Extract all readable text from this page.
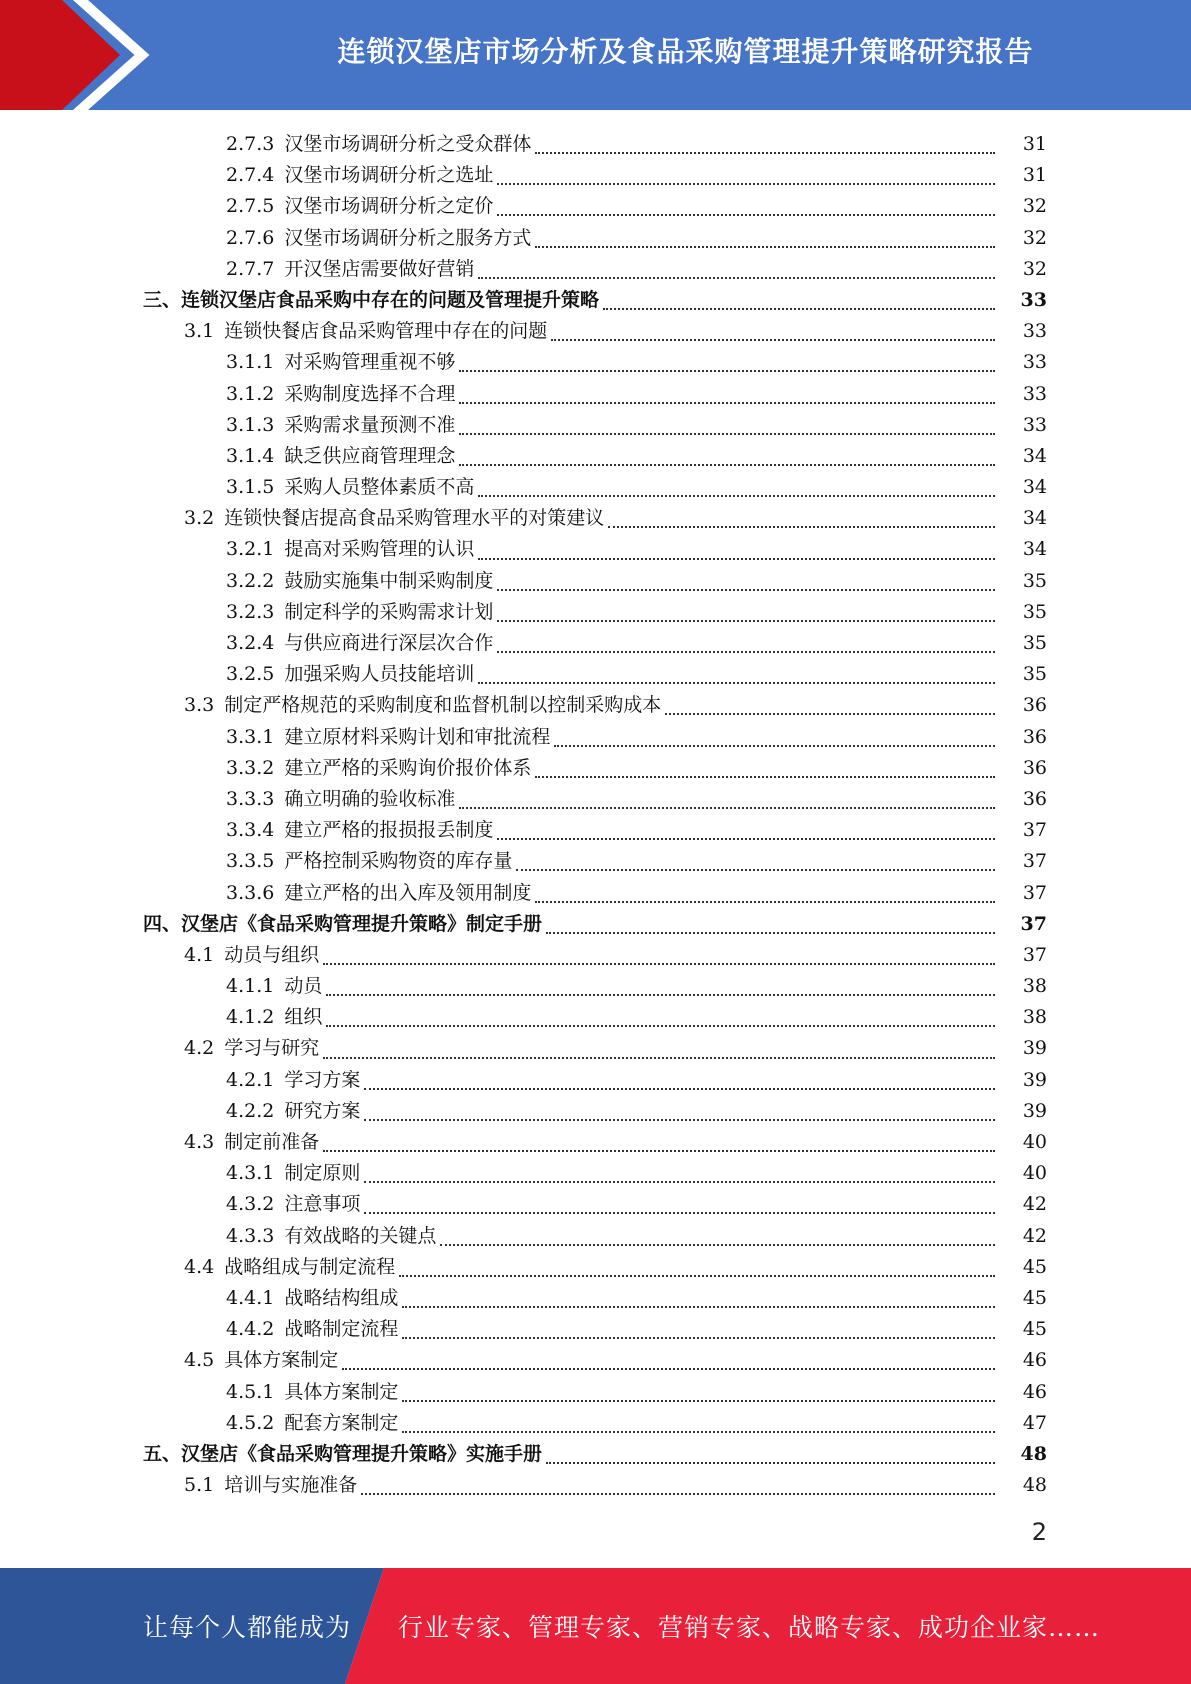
连锁汉堡店市场分析及食品采购管理提升策略研究报告
2.7.3 汉堡市场调研分析之受众群体	31
2.7.4 汉堡市场调研分析之选址	31
2.7.5 汉堡市场调研分析之定价	32
2.7.6 汉堡市场调研分析之服务方式	32
2.7.7 开汉堡店需要做好营销	32
三、连锁汉堡店食品采购中存在的问题及管理提升策略	33
3.1 连锁快餐店食品采购管理中存在的问题	33
3.1.1 对采购管理重视不够	33
3.1.2 采购制度选择不合理	33
3.1.3 采购需求量预测不准	33
3.1.4 缺乏供应商管理理念	34
3.1.5 采购人员整体素质不高	34
3.2 连锁快餐店提高食品采购管理水平的对策建议	34
3.2.1 提高对采购管理的认识	34
3.2.2 鼓励实施集中制采购制度	35
3.2.3 制定科学的采购需求计划	35
3.2.4 与供应商进行深层次合作	35
3.2.5 加强采购人员技能培训	35
3.3 制定严格规范的采购制度和监督机制以控制采购成本	36
3.3.1 建立原材料采购计划和审批流程	36
3.3.2 建立严格的采购询价报价体系	36
3.3.3 确立明确的验收标准	36
3.3.4 建立严格的报损报丢制度	37
3.3.5 严格控制采购物资的库存量	37
3.3.6 建立严格的出入库及领用制度	37
四、汉堡店《食品采购管理提升策略》制定手册	37
4.1 动员与组织	37
4.1.1 动员	38
4.1.2 组织	38
4.2 学习与研究	39
4.2.1 学习方案	39
4.2.2 研究方案	39
4.3 制定前准备	40
4.3.1 制定原则	40
4.3.2 注意事项	42
4.3.3 有效战略的关键点	42
4.4 战略组成与制定流程	45
4.4.1 战略结构组成	45
4.4.2 战略制定流程	45
4.5 具体方案制定	46
4.5.1 具体方案制定	46
4.5.2 配套方案制定	47
五、汉堡店《食品采购管理提升策略》实施手册	48
5.1 培训与实施准备	48
2
让每个人都能成为 行业专家、管理专家、营销专家、战略专家、成功企业家……
